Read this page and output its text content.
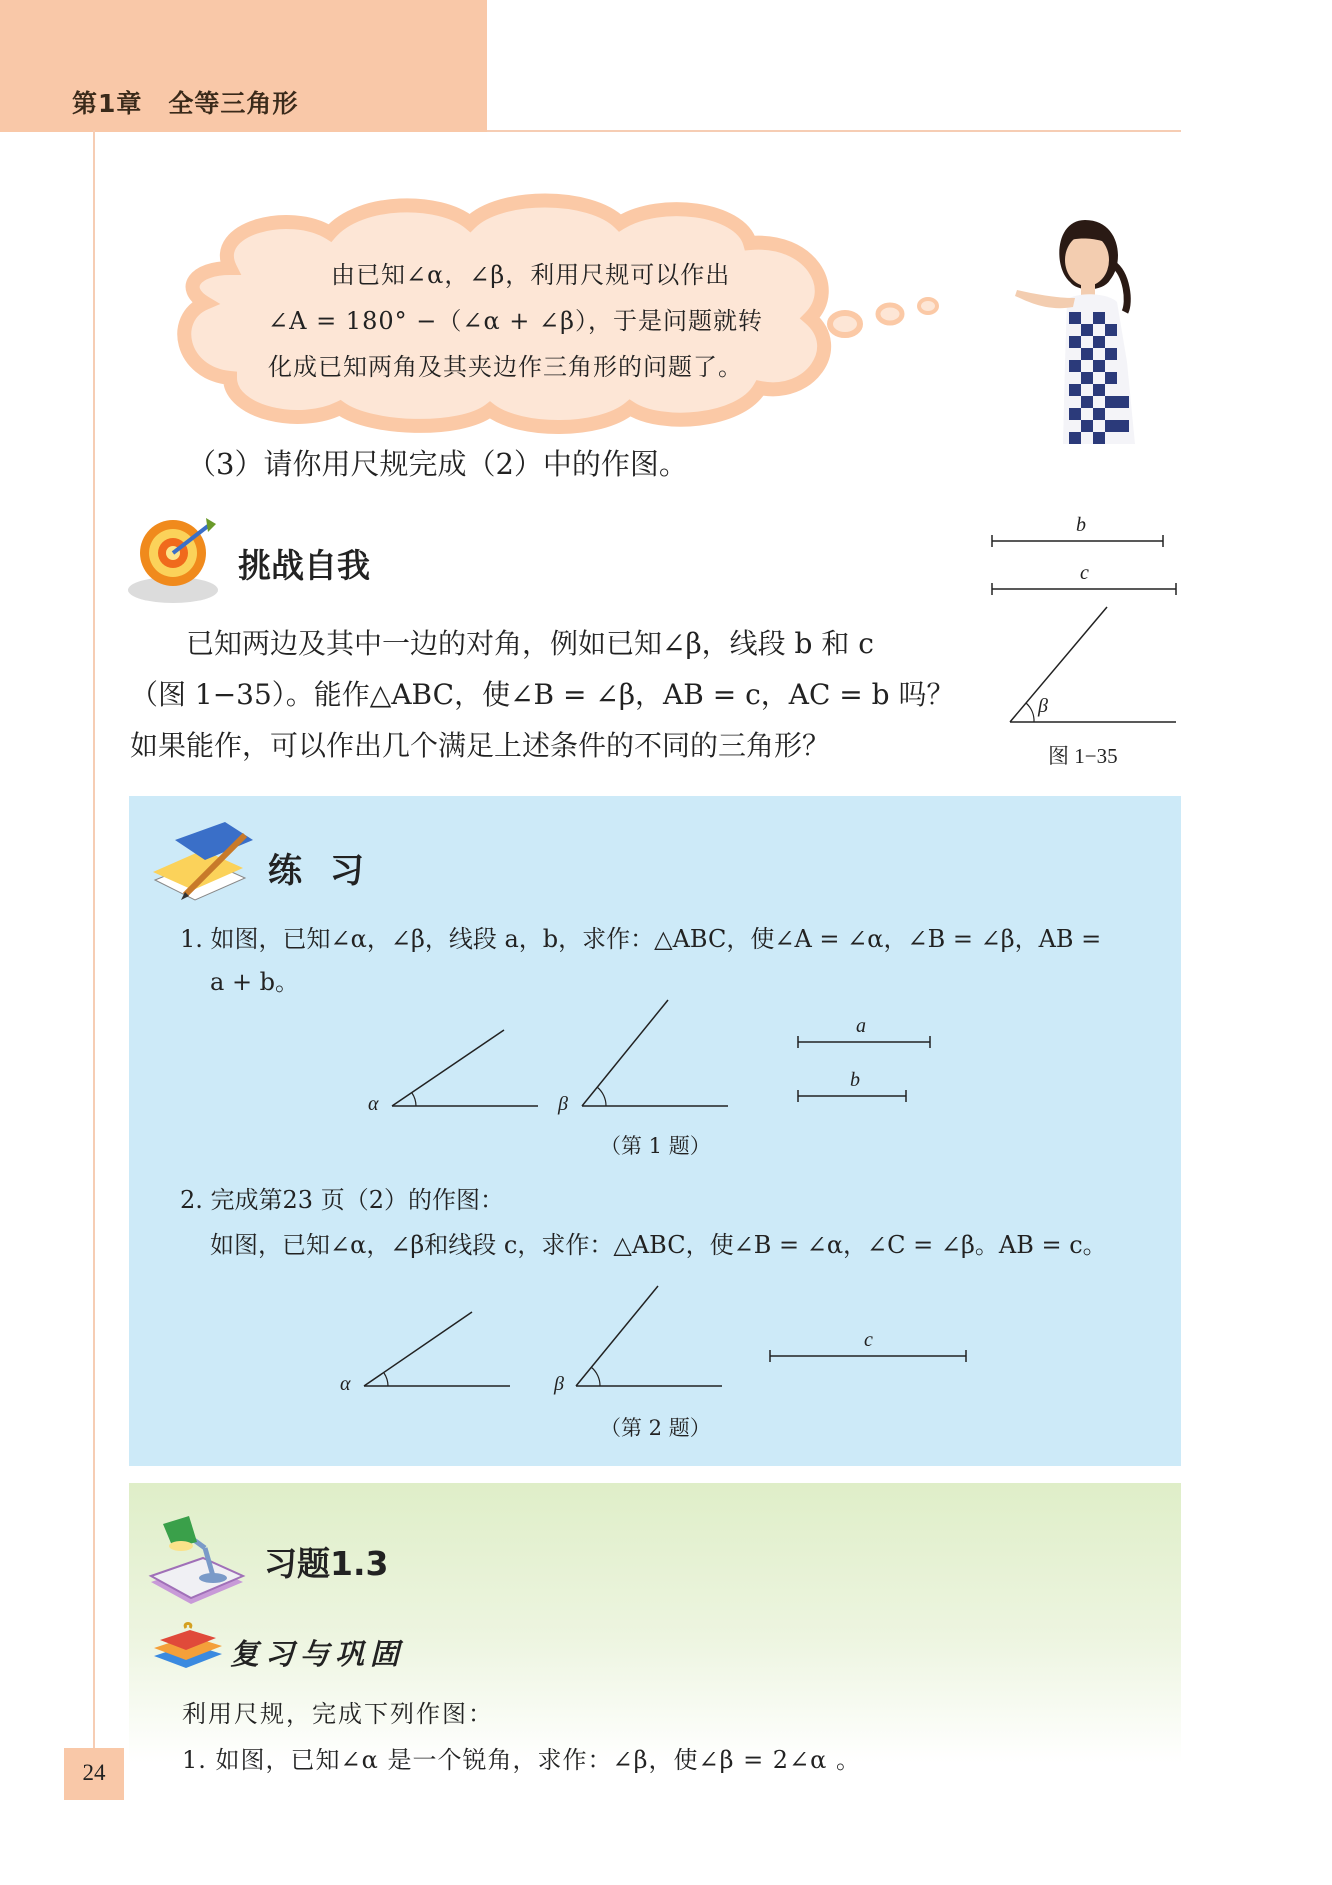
第1章　全等三角形
由已知∠α，∠β，利用尺规可以作出
∠A = 180° −（∠α + ∠β），于是问题就转
化成已知两角及其夹边作三角形的问题了。
（3）请你用尺规完成（2）中的作图。
挑战自我
已知两边及其中一边的对角，例如已知∠β，线段 b 和 c
（图 1−35）。能作△ABC，使∠B = ∠β，AB = c，AC = b 吗？
如果能作，可以作出几个满足上述条件的不同的三角形？
b
c
β
图 1−35
练 习
1. 如图，已知∠α，∠β，线段 a，b，求作：△ABC，使∠A = ∠α，∠B = ∠β，AB =
a + b。
α	β
a
b
（第 1 题）
2. 完成第23 页（2）的作图：
如图，已知∠α，∠β和线段 c，求作：△ABC，使∠B = ∠α，∠C = ∠β。AB = c。
α	β
c
（第 2 题）
习题1.3
复习与巩固
利用尺规，完成下列作图：
1. 如图，已知∠α 是一个锐角，求作：∠β，使∠β = 2∠α 。
24
